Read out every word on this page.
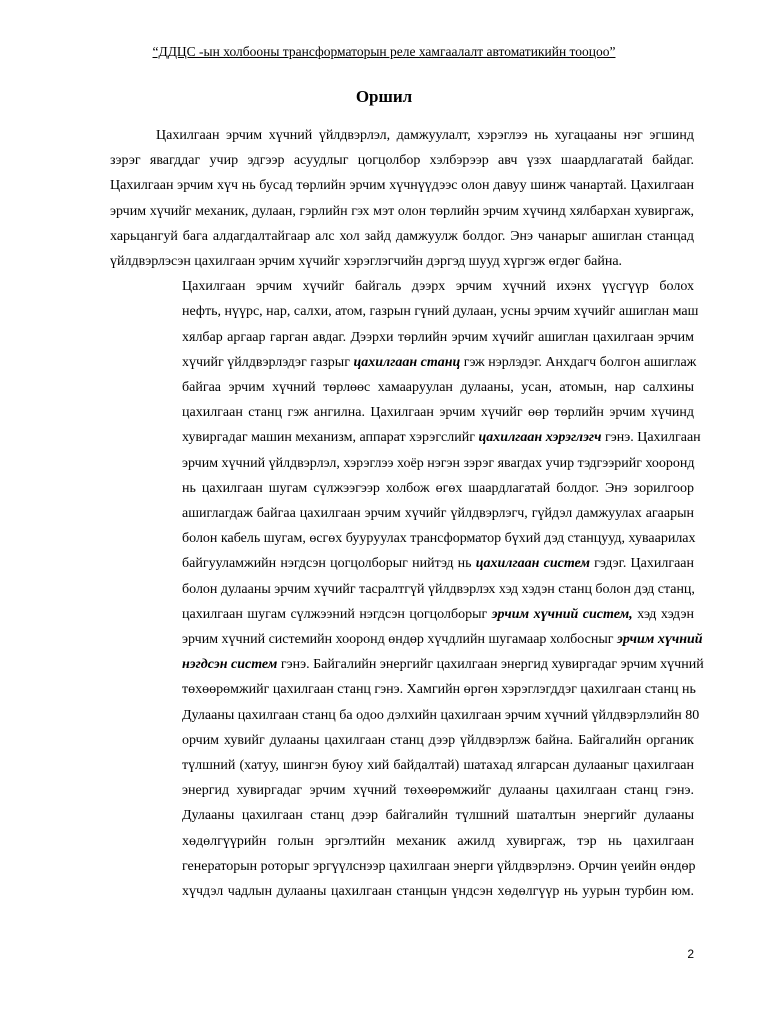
“ДДЦС -ын холбооны трансформаторын реле хамгаалалт автоматикийн тооцоо”
Оршил

Цахилгаан эрчим хүчний үйлдвэрлэл, дамжуулалт, хэрэглээ нь хугацааны нэг эгшинд зэрэг явагддаг учир эдгээр асуудлыг цогцолбор хэлбэрээр авч үзэх шаардлагатай байдаг. Цахилгаан эрчим хүч нь бусад төрлийн эрчим хүчнүүдээс олон давуу шинж чанартай. Цахилгаан эрчим хүчийг механик, дулаан, гэрлийн гэх мэт олон төрлийн эрчим хүчинд хялбархан хувиргаж, харьцангуй бага алдагдалтайгаар алс хол зайд дамжуулж болдог. Энэ чанарыг ашиглан станцад үйлдвэрлэсэн цахилгаан эрчим хүчийг хэрэглэгчийн дэргэд шууд хүргэж өгдөг байна.

Цахилгаан эрчим хүчийг байгаль дээрх эрчим хүчний ихэнх үүсгүүр болох
нефть, нүүрс, нар, салхи, атом, газрын гүний дулаан, усны эрчим хүчийг ашиглан маш
хялбар аргаар гарган авдаг. Дээрхи төрлийн эрчим хүчийг ашиглан цахилгаан эрчим
хүчийг үйлдвэрлэдэг газрыг цахилгаан станц гэж нэрлэдэг. Анхдагч болгон ашиглаж
байгаа эрчим хүчний төрлөөс хамааруулан дулааны, усан, атомын, нар салхины
цахилгаан станц гэж ангилна. Цахилгаан эрчим хүчийг өөр төрлийн эрчим хүчинд
хувиргадаг машин механизм, аппарат хэрэгслийг цахилгаан хэрэглэгч гэнэ. Цахилгаан
эрчим хүчний үйлдвэрлэл, хэрэглээ хоёр нэгэн зэрэг явагдах учир тэдгээрийг хооронд
нь цахилгаан шугам сүлжээгээр холбож өгөх шаардлагатай болдог. Энэ зорилгоор
ашиглагдаж байгаа цахилгаан эрчим хүчийг үйлдвэрлэгч, гүйдэл дамжуулах агаарын
болон кабель шугам, өсгөх бууруулах трансформатор бүхий дэд станцууд, хуваарилах
байгууламжийн нэгдсэн цогцолборыг нийтэд нь цахилгаан систем гэдэг. Цахилгаан
болон дулааны эрчим хүчийг тасралтгүй үйлдвэрлэх хэд хэдэн станц болон дэд станц,
цахилгаан шугам сүлжээний нэгдсэн цогцолборыг эрчим хүчний систем, хэд хэдэн
эрчим хүчний системийн хооронд өндөр хүчдлийн шугамаар холбосныг эрчим хүчний
нэгдсэн систем гэнэ. Байгалийн энергийг цахилгаан энергид хувиргадаг эрчим хүчний
төхөөрөмжийг цахилгаан станц гэнэ. Хамгийн өргөн хэрэглэгддэг цахилгаан станц нь
Дулааны цахилгаан станц ба одоо дэлхийн цахилгаан эрчим хүчний үйлдвэрлэлийн 80
орчим хувийг дулааны цахилгаан станц дээр үйлдвэрлэж байна. Байгалийн органик
түлшний (хатуу, шингэн буюу хий байдалтай) шатахад ялгарсан дулааныг цахилгаан
энергид хувиргадаг эрчим хүчний төхөөрөмжийг дулааны цахилгаан станц гэнэ.
Дулааны цахилгаан станц дээр байгалийн түлшний шаталтын энергийг дулааны
хөдөлгүүрийн голын эргэлтийн механик ажилд хувиргаж, тэр нь цахилгаан
генераторын роторыг эргүүлснээр цахилгаан энерги үйлдвэрлэнэ. Орчин үеийн өндөр
хүчдэл чадлын дулааны цахилгаан станцын үндсэн хөдөлгүүр нь уурын турбин юм.

2
